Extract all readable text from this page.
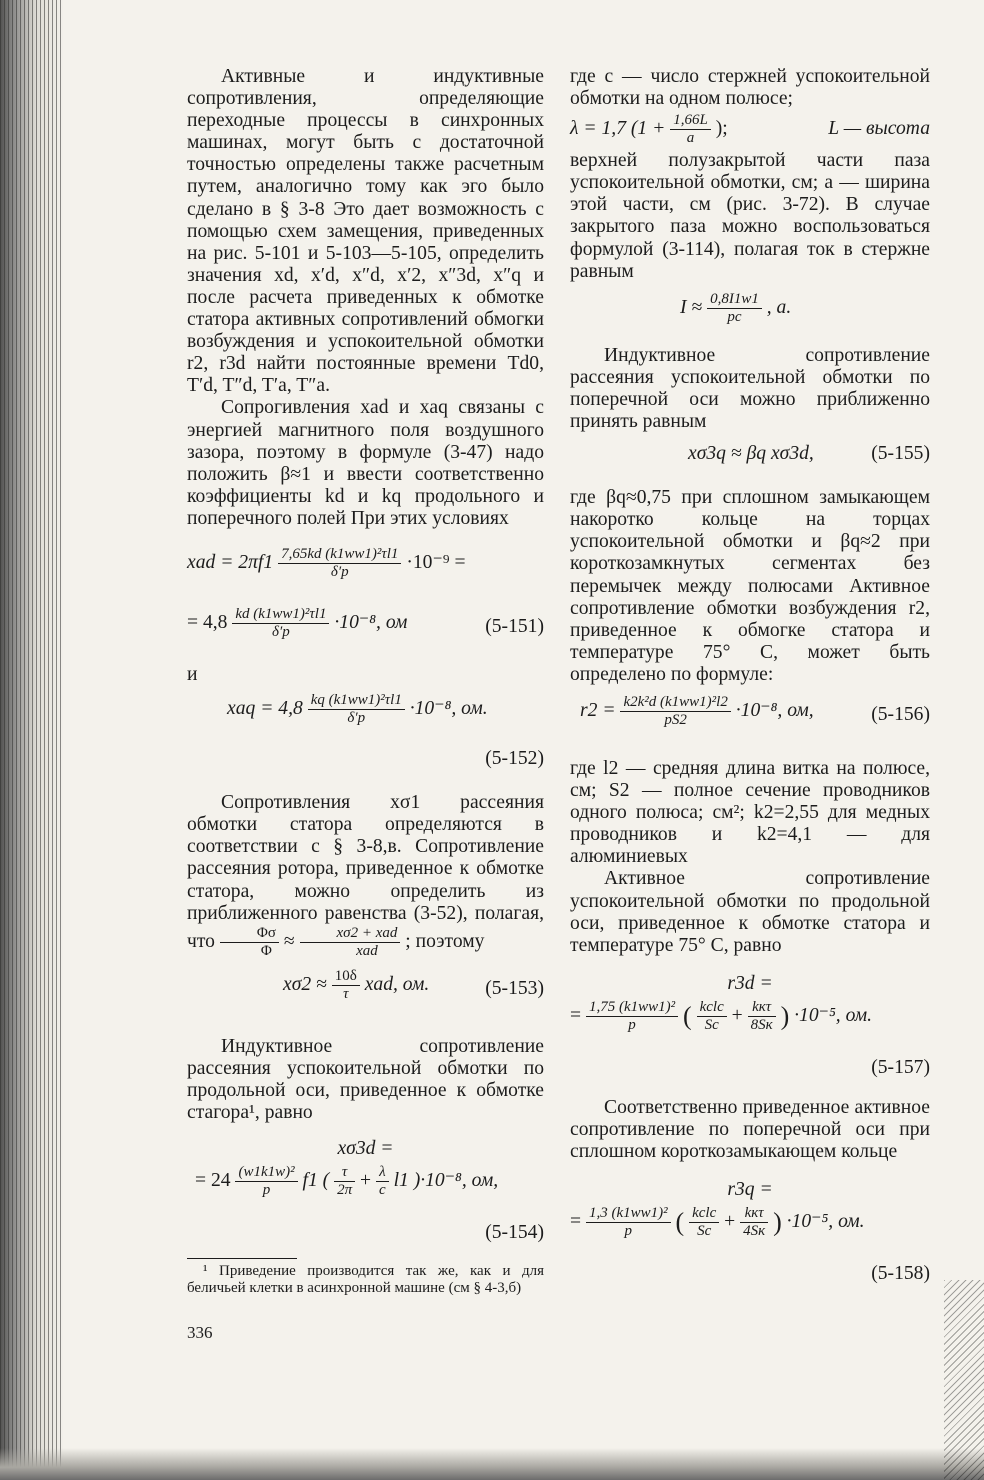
Активные и индуктивные сопротивления, определяющие переходные процессы в синхронных машинах, могут быть с достаточной точностью определены также расчетным путем, аналогично тому как эго было сделано в § 3-8 Это дает возможность с помощью схем замещения, приведенных на рис. 5-101 и 5-103—5-105, определить значения xd, x′d, x″d, x′2, x″3d, x″q и после расчета приведенных к обмотке статора активных сопротивлений обмогки возбуждения и успокоительной обмотки r2, r3d найти постоянные времени Td0, T′d, T″d, T′a, T″a.

Сопрогивления xad и xaq связаны с энергией магнитного поля воздушного зазора, поэтому в формуле (3-47) надо положить β≈1 и ввести соответственно коэффициенты kd и kq продольного и поперечного полей При этих условиях

xad = $2\pi f1 \frac{\text{7,65kd (k1ww1)²τl1}}{\delta'p} \cdot 10^{-9}$ =
= $4,8 \frac{\text{kd (k1ww1)²τl1}}{\delta'p} \cdot 10^{-8}$, ом	(5-151)

и

xaq = $4,8 \frac{\text{kq (k1ww1)²τl1}}{\delta'p} \cdot 10^{-8}$, ом.
(5-152)

Сопротивления xσ1 рассеяния обмотки статора определяются в соответствии с § 3-8,в. Сопротивление рассеяния ротора, приведенное к обмотке статора, можно определить из приближенного равенства (3-52), полагая, что $\frac{\Phi\sigma}{\Phi} \approx \frac{\text{xσ2 + xad}}{\text{xad}}$ ; поэтому

$x\sigma 2 \approx \frac{10\delta}{\tau}$ xad, ом.	(5-153)

Индуктивное сопротивление рассеяния успокоительной обмотки по продольной оси, приведенное к обмотке стагора¹, равно

xσ3d =
= $24 \frac{\text{(w1k1w)²}}{p} f1$ ( $\frac{\tau}{2\pi} + \frac{\lambda}{c} l1$ )·10⁻⁸, ом,
(5-154)

¹ Приведение производится так же, как и для беличьей клетки в асинхронной машине (см § 4-3,б)

336

где c — число стержней успокоительной обмотки на одном полюсе;

λ = 1,7 ($1 + \frac{1,66L}{a}$ );	L — высота

верхней полузакрытой части паза успокоительной обмотки, см; a — ширина этой части, см (рис. 3-72). В случае закрытого паза можно воспользоваться формулой (3-114), полагая ток в стержне равным

$I \approx \frac{0,8I1w1}{pc}$ , a.

Индуктивное сопротивление рассеяния успокоительной обмотки по поперечной оси можно приближенно принять равным

xσ3q ≈ βq xσ3d,	(5-155)

где βq≈0,75 при сплошном замыкающем накоротко кольце на торцах успокоительной обмотки и βq≈2 при короткозамкнутых сегментах без перемычек между полюсами Активное сопротивление обмотки возбуждения r2, приведенное к обмогке статора и температуре 75° C, может быть определено по формуле:

$r2 = \frac{\text{k2k²d (k1ww1)²l2}}{pS2} \cdot 10^{-8}$, ом,	(5-156)

где l2 — средняя длина витка на полюсе, см; S2 — полное сечение проводников одного полюса; см²; k2=2,55 для медных проводников и k2=4,1 — для алюминиевых

Активное сопротивление успокоительной обмотки по продольной оси, приведенное к обмотке статора и температуре 75° C, равно

r3d =
= $\frac{\text{1,75 (k1ww1)²}}{p}$ ( $\frac{\text{kclc}}{Sc} + \frac{\text{kкτ}}{8Sк}$ ) ·10⁻⁵, ом.
(5-157)

Соответственно приведенное активное сопротивление по поперечной оси при сплошном короткозамыкающем кольце

r3q =
= $\frac{\text{1,3 (k1ww1)²}}{p}$ ( $\frac{\text{kclc}}{Sc} + \frac{\text{kкτ}}{4Sк}$ ) ·10⁻⁵, ом.
(5-158)
